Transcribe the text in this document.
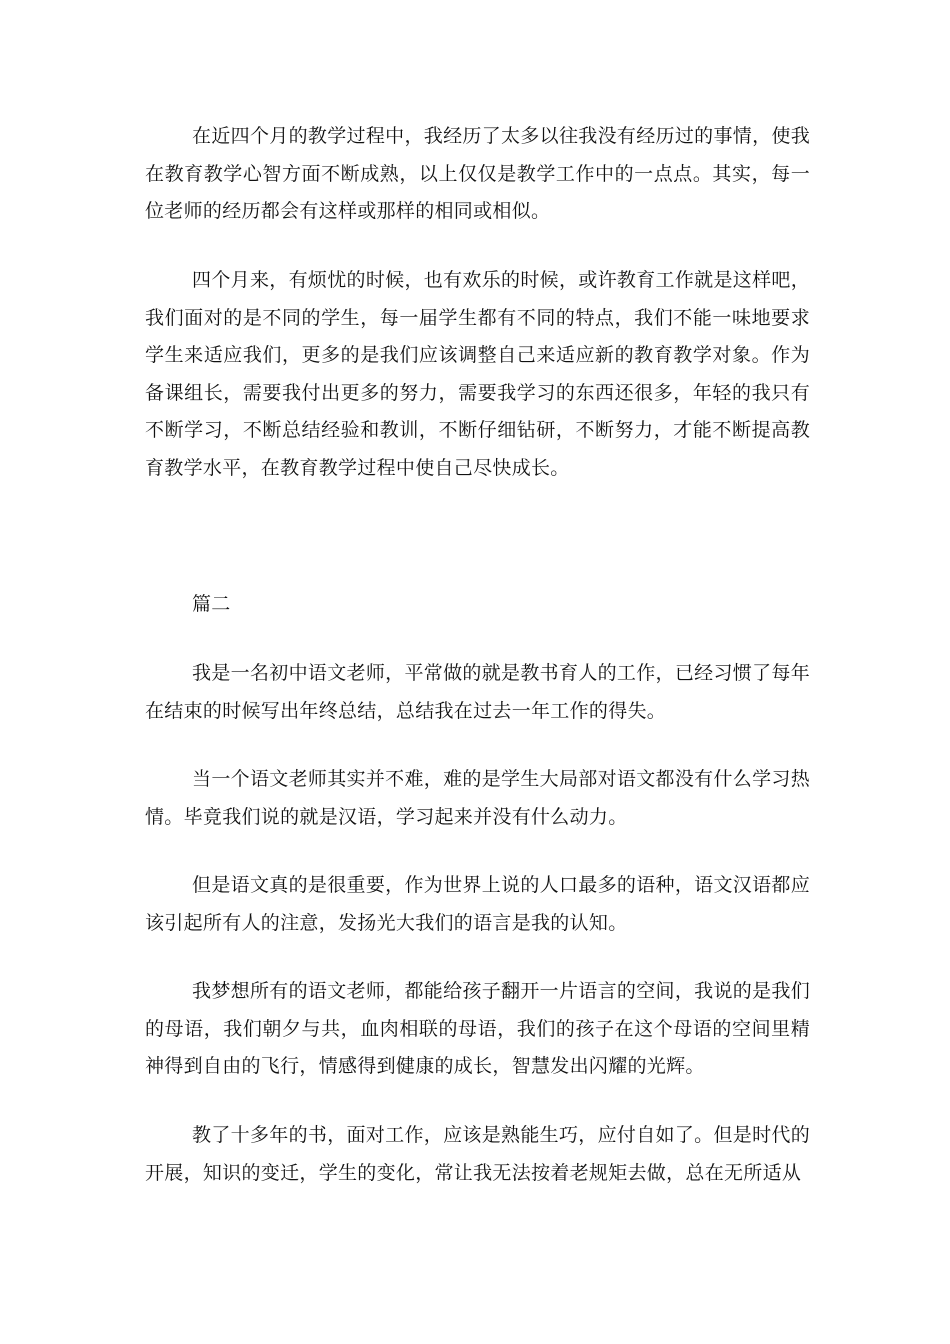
在近四个月的教学过程中，我经历了太多以往我没有经历过的事情，使我在教育教学心智方面不断成熟，以上仅仅是教学工作中的一点点。其实，每一位老师的经历都会有这样或那样的相同或相似。

四个月来，有烦忧的时候，也有欢乐的时候，或许教育工作就是这样吧，我们面对的是不同的学生，每一届学生都有不同的特点，我们不能一味地要求学生来适应我们，更多的是我们应该调整自己来适应新的教育教学对象。作为备课组长，需要我付出更多的努力，需要我学习的东西还很多，年轻的我只有不断学习，不断总结经验和教训，不断仔细钻研，不断努力，才能不断提高教育教学水平，在教育教学过程中使自己尽快成长。

篇二

我是一名初中语文老师，平常做的就是教书育人的工作，已经习惯了每年在结束的时候写出年终总结，总结我在过去一年工作的得失。

当一个语文老师其实并不难，难的是学生大局部对语文都没有什么学习热情。毕竟我们说的就是汉语，学习起来并没有什么动力。

但是语文真的是很重要，作为世界上说的人口最多的语种，语文汉语都应该引起所有人的注意，发扬光大我们的语言是我的认知。

我梦想所有的语文老师，都能给孩子翻开一片语言的空间，我说的是我们的母语，我们朝夕与共，血肉相联的母语，我们的孩子在这个母语的空间里精神得到自由的飞行，情感得到健康的成长，智慧发出闪耀的光辉。

教了十多年的书，面对工作，应该是熟能生巧，应付自如了。但是时代的开展，知识的变迁，学生的变化，常让我无法按着老规矩去做，总在无所适从
